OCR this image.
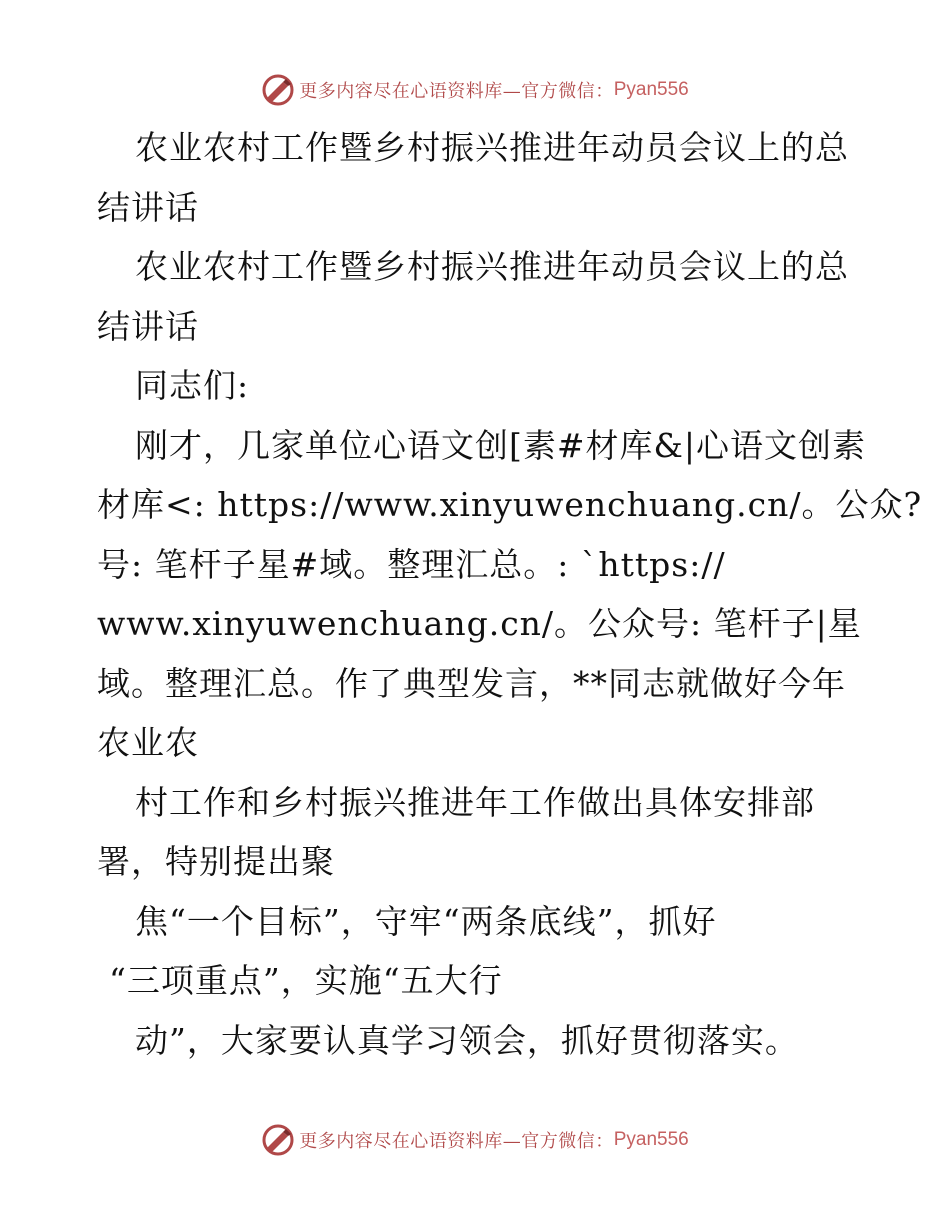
更多内容尽在心语资料库—官方微信： Pyan556
农业农村工作暨乡村振兴推进年动员会议上的总
结讲话
农业农村工作暨乡村振兴推进年动员会议上的总
结讲话
同志们:
刚才，几家单位心语文创[素#材库&|心语文创素
材库<: https://www.xinyuwenchuang.cn/。公众?
号: 笔杆子星#域。整理汇总。: `https://
www.xinyuwenchuang.cn/。公众号: 笔杆子|星
域。整理汇总。作了典型发言，**同志就做好今年
农业农
村工作和乡村振兴推进年工作做出具体安排部
署，特别提出聚
焦“一个目标”，守牢“两条底线”，抓好
“三项重点”，实施“五大行
动”，大家要认真学习领会，抓好贯彻落实。
更多内容尽在心语资料库—官方微信： Pyan556
